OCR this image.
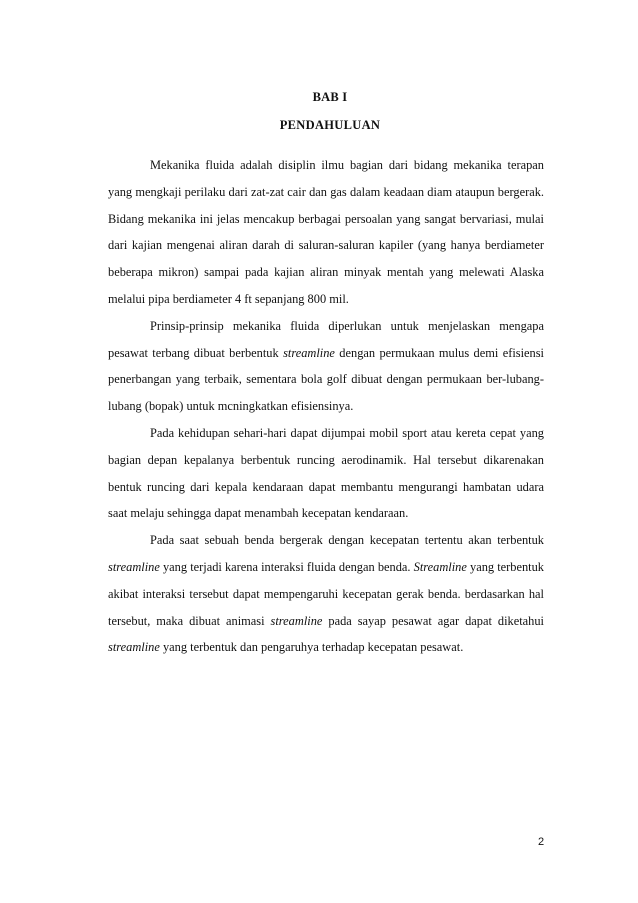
BAB I
PENDAHULUAN

Mekanika fluida adalah disiplin ilmu bagian dari bidang mekanika terapan yang mengkaji perilaku dari zat-zat cair dan gas dalam keadaan diam ataupun bergerak. Bidang mekanika ini jelas mencakup berbagai persoalan yang sangat bervariasi, mulai dari kajian mengenai aliran darah di saluran-saluran kapiler (yang hanya berdiameter beberapa mikron) sampai pada kajian aliran minyak mentah yang melewati Alaska melalui pipa berdiameter 4 ft sepanjang 800 mil.

Prinsip-prinsip mekanika fluida diperlukan untuk menjelaskan mengapa pesawat terbang dibuat berbentuk streamline dengan permukaan mulus demi efisiensi penerbangan yang terbaik, sementara bola golf dibuat dengan permukaan ber-lubang-lubang (bopak) untuk mcningkatkan efisiensinya.

Pada kehidupan sehari-hari dapat dijumpai mobil sport atau kereta cepat yang bagian depan kepalanya berbentuk runcing aerodinamik. Hal tersebut dikarenakan bentuk runcing dari kepala kendaraan dapat membantu mengurangi hambatan udara saat melaju sehingga dapat menambah kecepatan kendaraan.

Pada saat sebuah benda bergerak dengan kecepatan tertentu akan terbentuk streamline yang terjadi karena interaksi fluida dengan benda. Streamline yang terbentuk akibat interaksi tersebut dapat mempengaruhi kecepatan gerak benda. berdasarkan hal tersebut, maka dibuat animasi streamline pada sayap pesawat agar dapat diketahui streamline yang terbentuk dan pengaruhya terhadap kecepatan pesawat.

2
